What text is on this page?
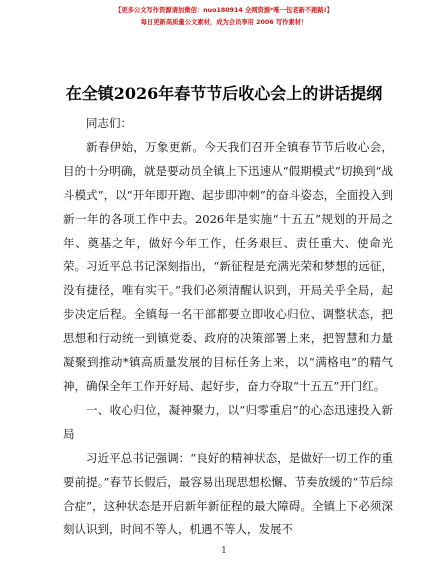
【更多公文写作资源请加微信：nuo180914 全网资源*唯一包老新不跑路!】
每日更新高质量公文素材，成为会员享用 2006 写作素材！
在全镇2026年春节节后收心会上的讲话提纲

同志们：

新春伊始，万象更新。今天我们召开全镇春节节后收心会，目的十分明确，就是要动员全镇上下迅速从“假期模式”切换到“战斗模式”，以“开年即开跑、起步即冲刺”的奋斗姿态，全面投入到新一年的各项工作中去。2026年是实施“十五五”规划的开局之年、奠基之年，做好今年工作，任务艰巨、责任重大、使命光荣。习近平总书记深刻指出，“新征程是充满光荣和梦想的远征，没有捷径，唯有实干。”我们必须清醒认识到，开局关乎全局，起步决定后程。全镇每一名干部都要立即收心归位、调整状态，把思想和行动统一到镇党委、政府的决策部署上来，把智慧和力量凝聚到推动*镇高质量发展的目标任务上来，以“满格电”的精气神，确保全年工作开好局、起好步，奋力夺取“十五五”开门红。

一、收心归位，凝神聚力，以“归零重启”的心态迅速投入新局

习近平总书记强调：“良好的精神状态，是做好一切工作的重要前提。”春节长假后，最容易出现思想松懈、节奏放缓的“节后综合症”，这种状态是开启新年新征程的最大障碍。全镇上下必须深刻认识到，时间不等人，机遇不等人，发展不

1
